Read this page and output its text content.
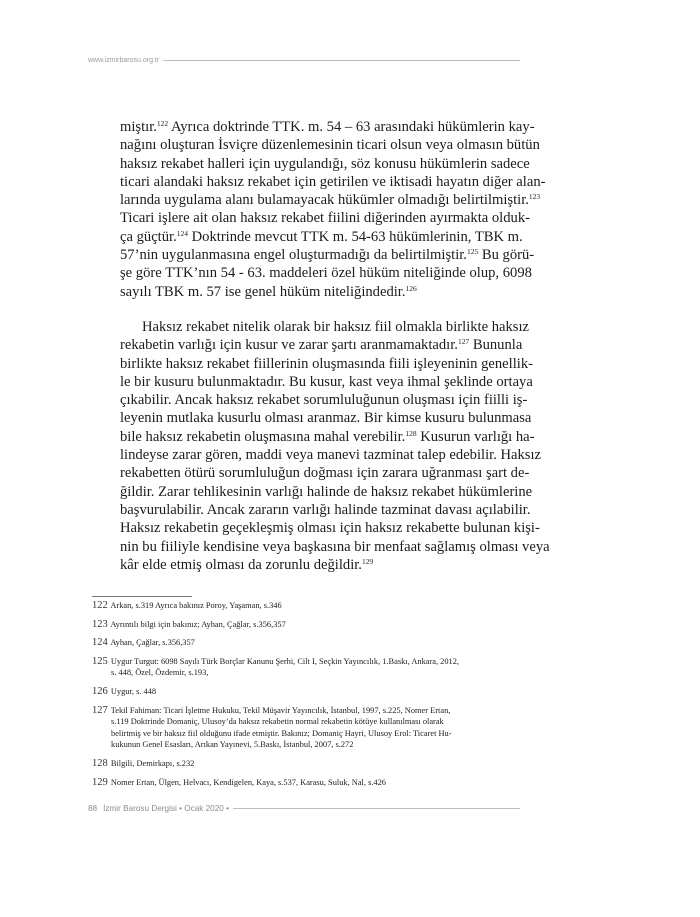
www.izmirbarosu.org.tr
miştır.$^{122}$ Ayrıca doktrinde TTK. m. 54 – 63 arasındaki hükümlerin kay-
nağını oluşturan İsviçre düzenlemesinin ticari olsun veya olmasın bütün
haksız rekabet halleri için uygulandığı, söz konusu hükümlerin sadece
ticari alandaki haksız rekabet için getirilen ve iktisadi hayatın diğer alan-
larında uygulama alanı bulamayacak hükümler olmadığı belirtilmiştir.$^{123}$
Ticari işlere ait olan haksız rekabet fiilini diğerinden ayırmakta olduk-
ça güçtür.$^{124}$ Doktrinde mevcut TTK m. 54-63 hükümlerinin, TBK m.
57’nin uygulanmasına engel oluşturmadığı da belirtilmiştir.$^{125}$ Bu görü-
şe göre TTK’nın 54 - 63. maddeleri özel hüküm niteliğinde olup, 6098
sayılı TBK m. 57 ise genel hüküm niteliğindedir.$^{126}$
Haksız rekabet nitelik olarak bir haksız fiil olmakla birlikte haksız
rekabetin varlığı için kusur ve zarar şartı aranmamaktadır.$^{127}$ Bununla
birlikte haksız rekabet fiillerinin oluşmasında fiili işleyeninin genellik-
le bir kusuru bulunmaktadır. Bu kusur, kast veya ihmal şeklinde ortaya
çıkabilir. Ancak haksız rekabet sorumluluğunun oluşması için fiilli iş-
leyenin mutlaka kusurlu olması aranmaz. Bir kimse kusuru bulunmasa
bile haksız rekabetin oluşmasına mahal verebilir.$^{128}$ Kusurun varlığı ha-
lindeyse zarar gören, maddi veya manevi tazminat talep edebilir. Haksız
rekabetten ötürü sorumluluğun doğması için zarara uğranması şart de-
ğildir. Zarar tehlikesinin varlığı halinde de haksız rekabet hükümlerine
başvurulabilir. Ancak zararın varlığı halinde tazminat davası açılabilir.
Haksız rekabetin geçekleşmiş olması için haksız rekabette bulunan kişi-
nin bu fiiliyle kendisine veya başkasına bir menfaat sağlamış olması veya
kâr elde etmiş olması da zorunlu değildir.$^{129}$
122 Arkan, s.319 Ayrıca bakınız Poroy, Yaşaman, s.346
123 Ayrıntılı bilgi için bakınız; Ayhan, Çağlar, s.356,357
124 Ayhan, Çağlar, s.356,357
125 Uygur Turgut: 6098 Sayılı Türk Borçlar Kanunu Şerhi, Cilt I, Seçkin Yayıncılık, 1.Baskı, Ankara, 2012,
s. 448, Özel, Özdemir, s.193,
126 Uygur, s. 448
127 Tekil Fahiman: Ticari İşletme Hukuku, Tekil Müşavir Yayıncılık, İstanbul, 1997, s.225, Nomer Ertan,
s.119 Doktrinde Domaniç, Ulusoy’da haksız rekabetin normal rekabetin kötüye kullanılması olarak
belirtmiş ve bir haksız fiil olduğunu ifade etmiştir. Bakınız; Domaniç Hayri, Ulusoy Erol: Ticaret Hu-
kukunun Genel Esasları, Arıkan Yayınevi, 5.Baskı, İstanbul, 2007, s.272
128 Bilgili, Demirkapı, s.232
129 Nomer Ertan, Ülgen, Helvacı, Kendigelen, Kaya, s.537, Karasu, Suluk, Nal, s.426
88 İzmir Barosu Dergisi • Ocak 2020 •
